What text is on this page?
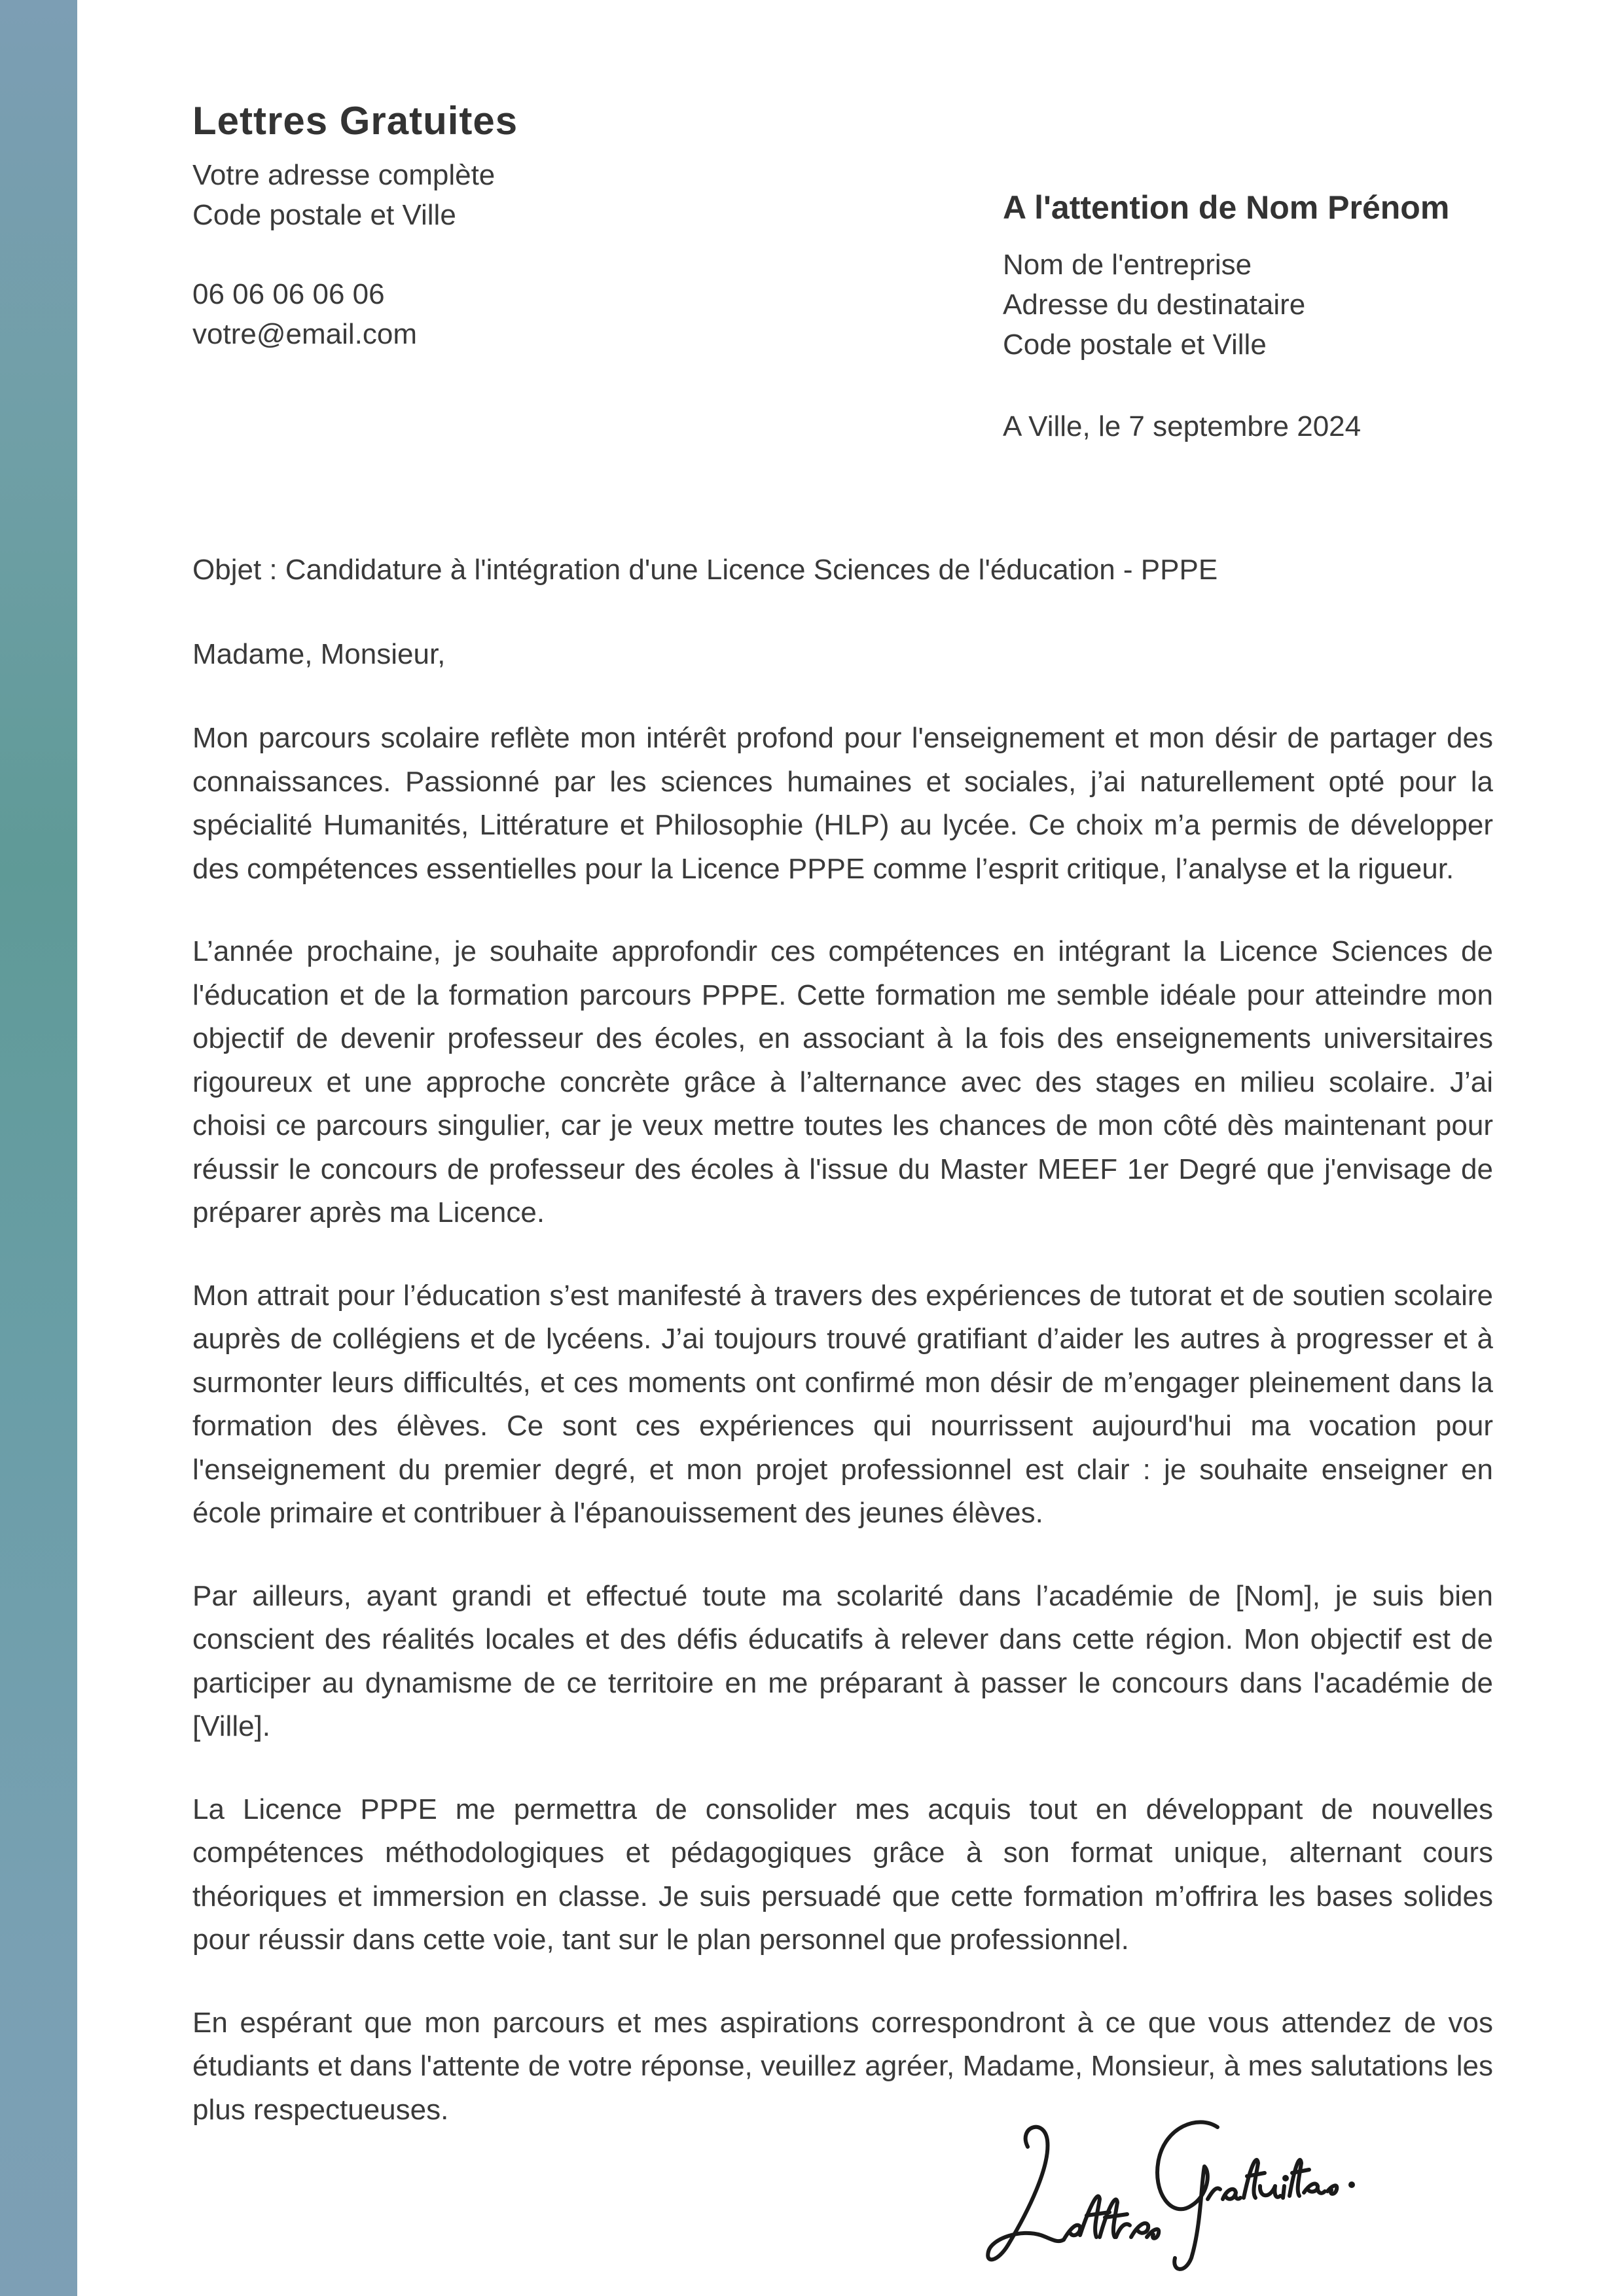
Lettres Gratuites
Votre adresse complète
Code postale et Ville
06 06 06 06 06
votre@email.com
A l'attention de Nom Prénom
Nom de l'entreprise
Adresse du destinataire
Code postale et Ville
A Ville, le 7 septembre 2024

Objet : Candidature à l'intégration d'une Licence Sciences de l'éducation - PPPE

Madame, Monsieur,

Mon parcours scolaire reflète mon intérêt profond pour l'enseignement et mon désir de partager des connaissances. Passionné par les sciences humaines et sociales, j’ai naturellement opté pour la spécialité Humanités, Littérature et Philosophie (HLP) au lycée. Ce choix m’a permis de développer des compétences essentielles pour la Licence PPPE comme l’esprit critique, l’analyse et la rigueur.

L’année prochaine, je souhaite approfondir ces compétences en intégrant la Licence Sciences de l'éducation et de la formation parcours PPPE. Cette formation me semble idéale pour atteindre mon objectif de devenir professeur des écoles, en associant à la fois des enseignements universitaires rigoureux et une approche concrète grâce à l’alternance avec des stages en milieu scolaire. J’ai choisi ce parcours singulier, car je veux mettre toutes les chances de mon côté dès maintenant pour réussir le concours de professeur des écoles à l'issue du Master MEEF 1er Degré que j'envisage de préparer après ma Licence.

Mon attrait pour l’éducation s’est manifesté à travers des expériences de tutorat et de soutien scolaire auprès de collégiens et de lycéens. J’ai toujours trouvé gratifiant d’aider les autres à progresser et à surmonter leurs difficultés, et ces moments ont confirmé mon désir de m’engager pleinement dans la formation des élèves. Ce sont ces expériences qui nourrissent aujourd'hui ma vocation pour l'enseignement du premier degré, et mon projet professionnel est clair : je souhaite enseigner en école primaire et contribuer à l'épanouissement des jeunes élèves.

Par ailleurs, ayant grandi et effectué toute ma scolarité dans l’académie de [Nom], je suis bien conscient des réalités locales et des défis éducatifs à relever dans cette région. Mon objectif est de participer au dynamisme de ce territoire en me préparant à passer le concours dans l'académie de [Ville].

La Licence PPPE me permettra de consolider mes acquis tout en développant de nouvelles compétences méthodologiques et pédagogiques grâce à son format unique, alternant cours théoriques et immersion en classe. Je suis persuadé que cette formation m’offrira les bases solides pour réussir dans cette voie, tant sur le plan personnel que professionnel.

En espérant que mon parcours et mes aspirations correspondront à ce que vous attendez de vos étudiants et dans l'attente de votre réponse, veuillez agréer, Madame, Monsieur, à mes salutations les plus respectueuses.
